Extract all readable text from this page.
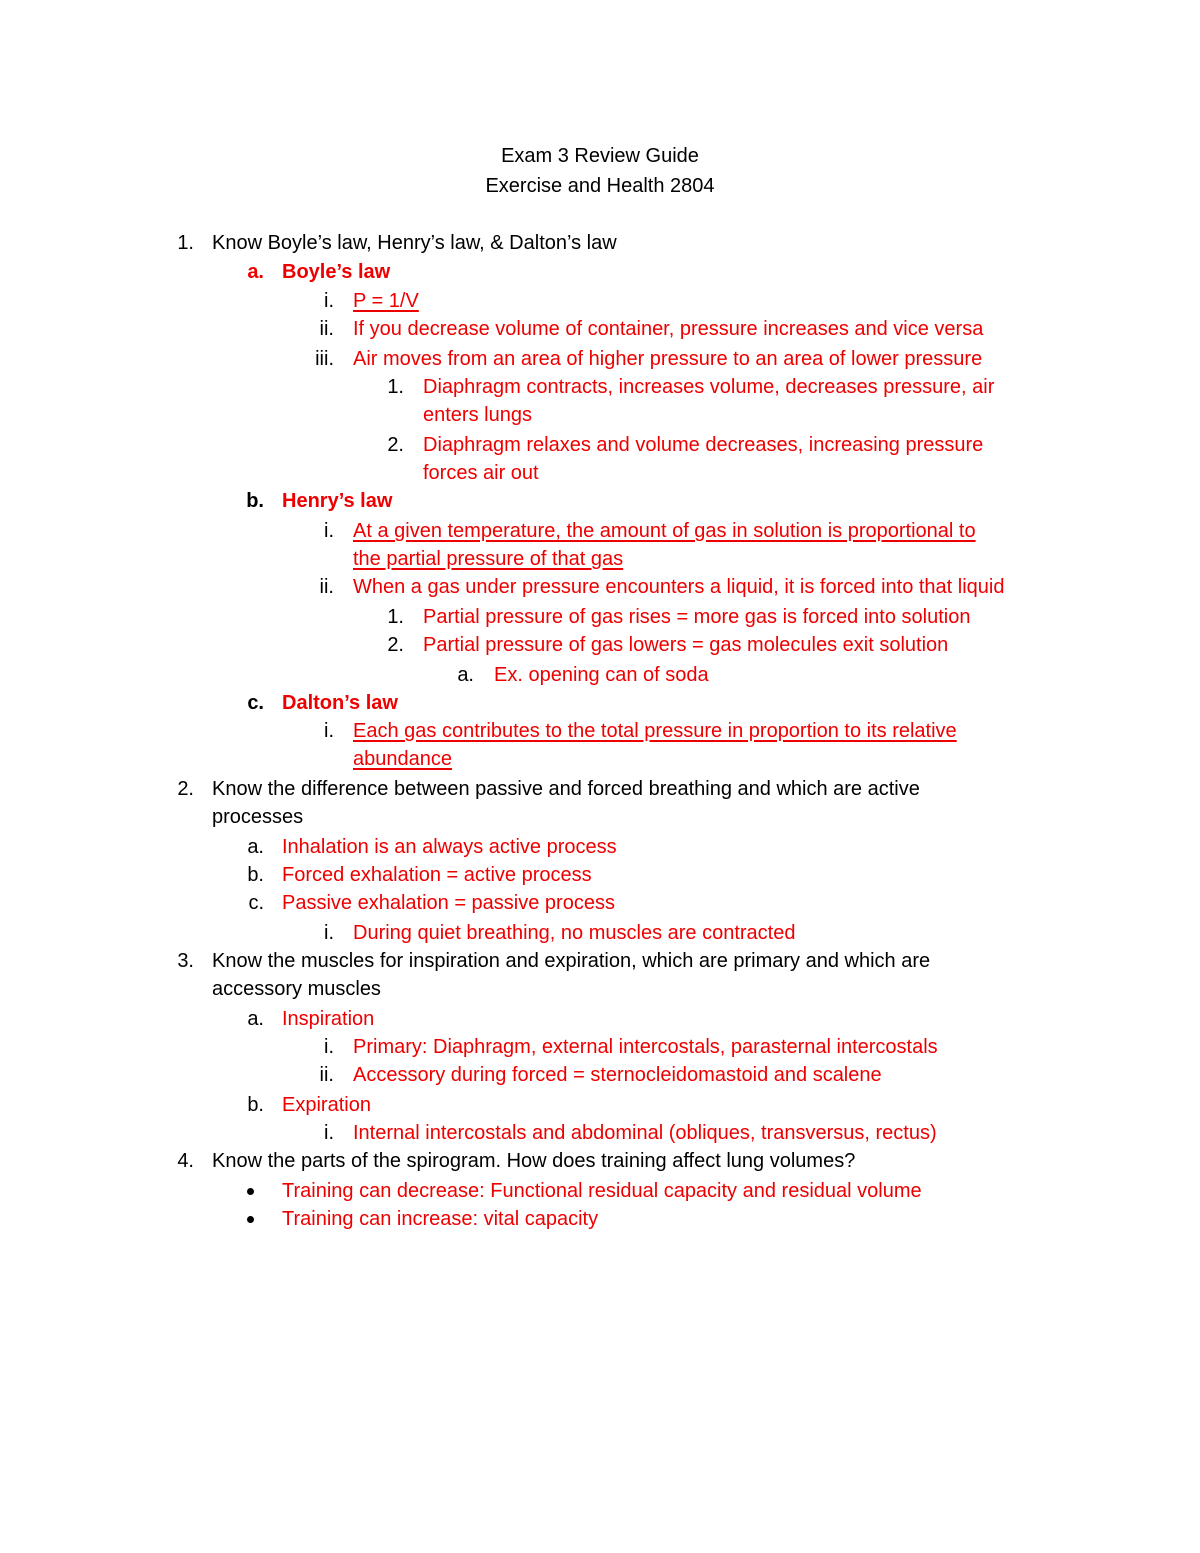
Exam 3 Review Guide
Exercise and Health 2804
1. Know Boyle’s law, Henry’s law, & Dalton’s law
a. Boyle’s law
i. P = 1/V
ii. If you decrease volume of container, pressure increases and vice versa
iii. Air moves from an area of higher pressure to an area of lower pressure
1. Diaphragm contracts, increases volume, decreases pressure, air
enters lungs
2. Diaphragm relaxes and volume decreases, increasing pressure
forces air out
b. Henry’s law
i. At a given temperature, the amount of gas in solution is proportional to
the partial pressure of that gas
ii. When a gas under pressure encounters a liquid, it is forced into that liquid
1. Partial pressure of gas rises = more gas is forced into solution
2. Partial pressure of gas lowers = gas molecules exit solution
a. Ex. opening can of soda
c. Dalton’s law
i. Each gas contributes to the total pressure in proportion to its relative
abundance
2. Know the difference between passive and forced breathing and which are active
processes
a. Inhalation is an always active process
b. Forced exhalation = active process
c. Passive exhalation = passive process
i. During quiet breathing, no muscles are contracted
3. Know the muscles for inspiration and expiration, which are primary and which are
accessory muscles
a. Inspiration
i. Primary: Diaphragm, external intercostals, parasternal intercostals
ii. Accessory during forced = sternocleidomastoid and scalene
b. Expiration
i. Internal intercostals and abdominal (obliques, transversus, rectus)
4. Know the parts of the spirogram. How does training affect lung volumes?
Training can decrease: Functional residual capacity and residual volume
Training can increase: vital capacity
